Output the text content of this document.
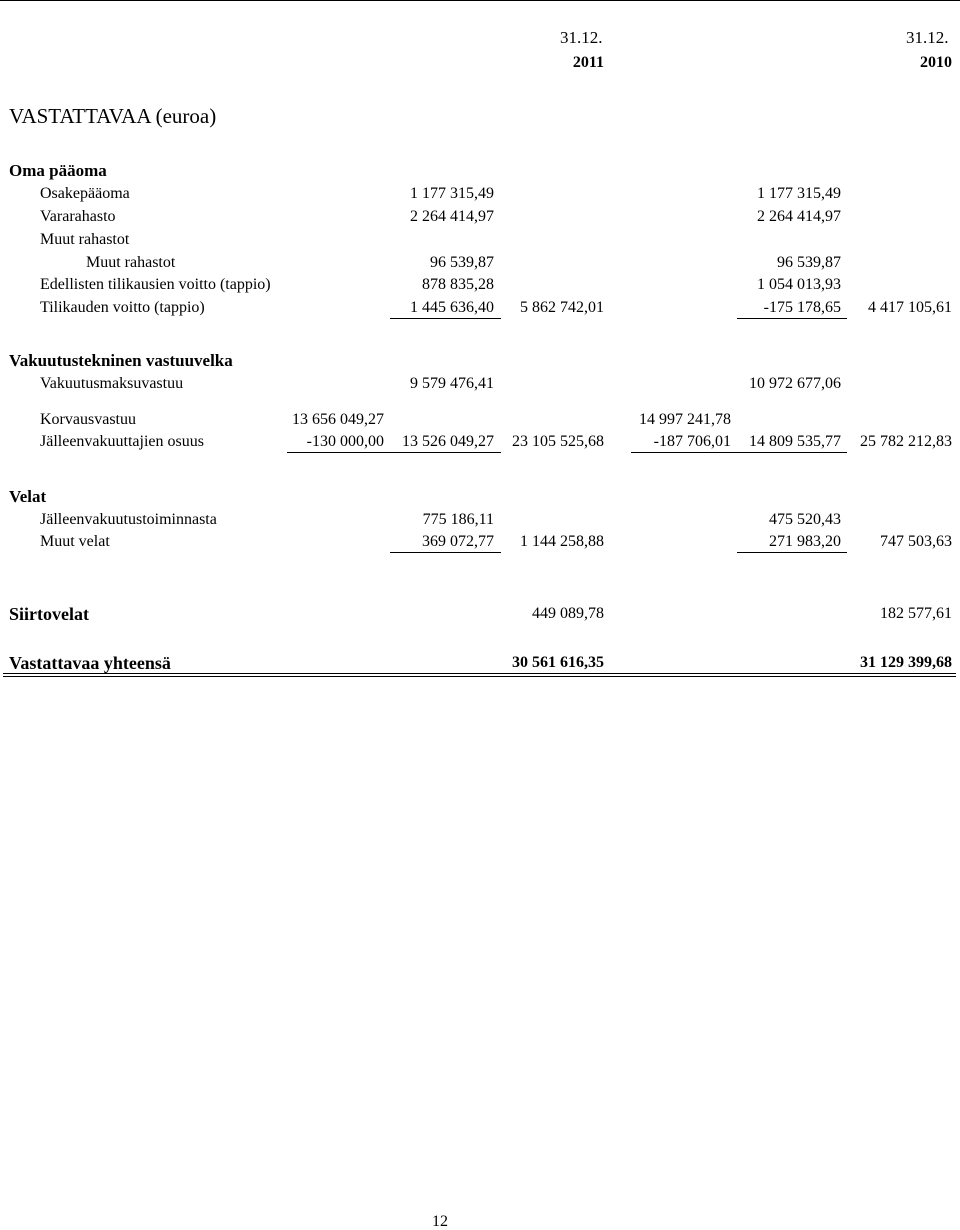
31.12.
2011
31.12.
2010
VASTATTAVAA (euroa)
Oma pääoma
Osakepääoma	1 177 315,49	1 177 315,49
Vararahasto	2 264 414,97	2 264 414,97
Muut rahastot
Muut rahastot	96 539,87	96 539,87
Edellisten tilikausien voitto (tappio)	878 835,28	1 054 013,93
Tilikauden voitto (tappio)	1 445 636,40	5 862 742,01	-175 178,65	4 417 105,61
Vakuutustekninen vastuuvelka
Vakuutusmaksuvastuu	9 579 476,41	10 972 677,06
Korvausvastuu	13 656 049,27	14 997 241,78
Jälleenvakuuttajien osuus	-130 000,00	13 526 049,27	23 105 525,68	-187 706,01	14 809 535,77	25 782 212,83
Velat
Jälleenvakuutustoiminnasta	775 186,11	475 520,43
Muut velat	369 072,77	1 144 258,88	271 983,20	747 503,63
Siirtovelat	449 089,78	182 577,61
Vastattavaa yhteensä	30 561 616,35	31 129 399,68
12
